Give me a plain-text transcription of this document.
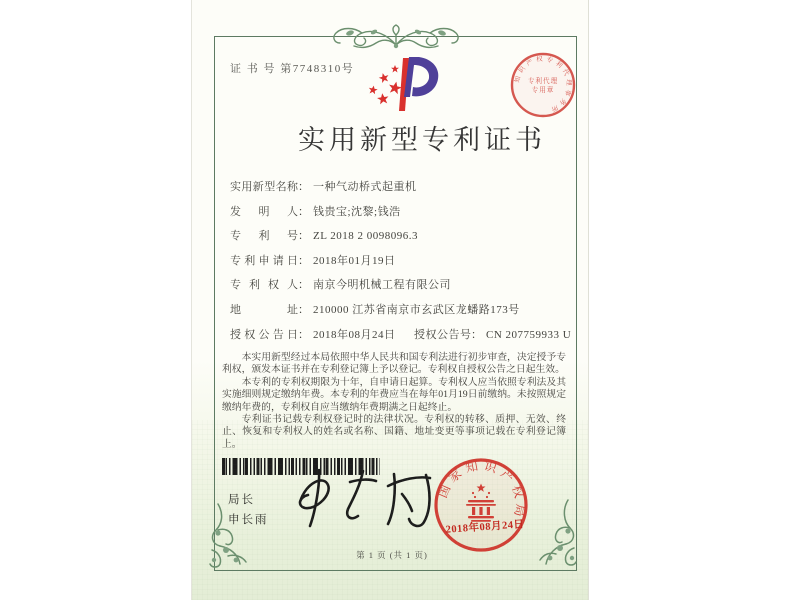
证 书 号 第7748310号
实用新型专利证书
实用新型名称 ： 一种气动桥式起重机
发明人 ： 钱贵宝;沈黎;钱浩
专利号 ： ZL 2018 2 0098096.3
专利申请日 ： 2018年01月19日
专利权人 ： 南京今明机械工程有限公司
地址 ： 210000 江苏省南京市玄武区龙蟠路173号
授权公告日 ： 2018年08月24日 授权公告号 ： CN 207759933 U

本实用新型经过本局依照中华人民共和国专利法进行初步审查，决定授予专利权，颁发本证书并在专利登记簿上予以登记。专利权自授权公告之日起生效。

本专利的专利权期限为十年，自申请日起算。专利权人应当依照专利法及其实施细则规定缴纳年费。本专利的年费应当在每年01月19日前缴纳。未按照规定缴纳年费的，专利权自应当缴纳年费期满之日起终止。

专利证书记载专利权登记时的法律状况。专利权的转移、质押、无效、终止、恢复和专利权人的姓名或名称、国籍、地址变更等事项记载在专利登记簿上。

局长
申长雨
国家知识产权局
2018年08月24日
知识产权专利代理事务所
专利代理
专用章
第 1 页 (共 1 页)
